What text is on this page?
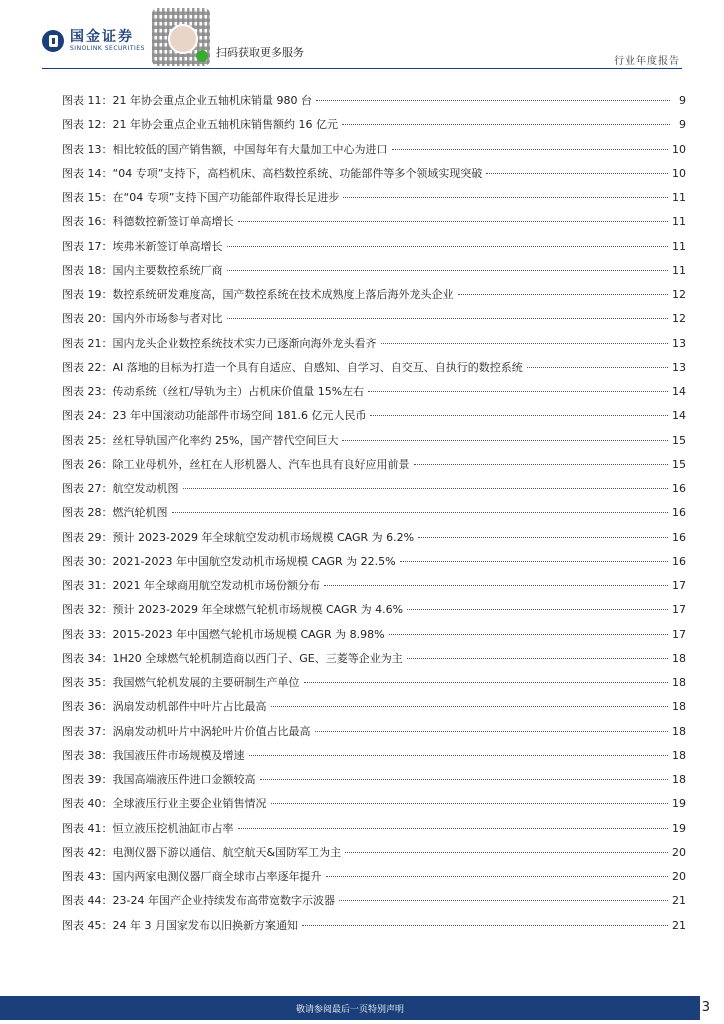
国金证券
SINOLINK SECURITIES	扫码获取更多服务
行业年度报告
图表 11： 21 年协会重点企业五轴机床销量 980 台	9
图表 12： 21 年协会重点企业五轴机床销售额约 16 亿元	9
图表 13： 相比较低的国产销售额，中国每年有大量加工中心为进口	10
图表 14： “04 专项”支持下，高档机床、高档数控系统、功能部件等多个领域实现突破	10
图表 15： 在“04 专项”支持下国产功能部件取得长足进步	11
图表 16： 科德数控新签订单高增长	11
图表 17： 埃弗米新签订单高增长	11
图表 18： 国内主要数控系统厂商	11
图表 19： 数控系统研发难度高，国产数控系统在技术成熟度上落后海外龙头企业	12
图表 20： 国内外市场参与者对比	12
图表 21： 国内龙头企业数控系统技术实力已逐渐向海外龙头看齐	13
图表 22： AI 落地的目标为打造一个具有自适应、自感知、自学习、自交互、自执行的数控系统	13
图表 23： 传动系统（丝杠/导轨为主）占机床价值量 15%左右	14
图表 24： 23 年中国滚动功能部件市场空间 181.6 亿元人民币	14
图表 25： 丝杠导轨国产化率约 25%，国产替代空间巨大	15
图表 26： 除工业母机外，丝杠在人形机器人、汽车也具有良好应用前景	15
图表 27： 航空发动机图	16
图表 28： 燃汽轮机图	16
图表 29： 预计 2023-2029 年全球航空发动机市场规模 CAGR 为 6.2%	16
图表 30： 2021-2023 年中国航空发动机市场规模 CAGR 为 22.5%	16
图表 31： 2021 年全球商用航空发动机市场份额分布	17
图表 32： 预计 2023-2029 年全球燃气轮机市场规模 CAGR 为 4.6%	17
图表 33： 2015-2023 年中国燃气轮机市场规模 CAGR 为 8.98%	17
图表 34： 1H20 全球燃气轮机制造商以西门子、GE、三菱等企业为主	18
图表 35： 我国燃气轮机发展的主要研制生产单位	18
图表 36： 涡扇发动机部件中叶片占比最高	18
图表 37： 涡扇发动机叶片中涡轮叶片价值占比最高	18
图表 38： 我国液压件市场规模及增速	18
图表 39： 我国高端液压件进口金额较高	18
图表 40： 全球液压行业主要企业销售情况	19
图表 41： 恒立液压挖机油缸市占率	19
图表 42： 电测仪器下游以通信、航空航天&国防军工为主	20
图表 43： 国内两家电测仪器厂商全球市占率逐年提升	20
图表 44： 23-24 年国产企业持续发布高带宽数字示波器	21
图表 45： 24 年 3 月国家发布以旧换新方案通知	21
敬请参阅最后一页特别声明	3
